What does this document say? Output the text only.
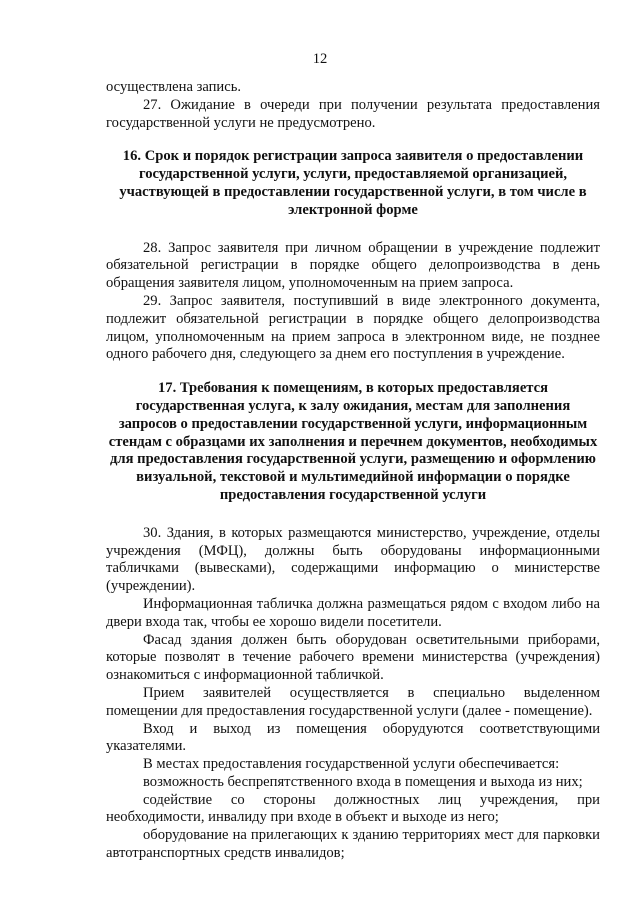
12

осуществлена запись.

27. Ожидание в очереди при получении результата предоставления государственной услуги не предусмотрено.

16. Срок и порядок регистрации запроса заявителя о предоставлении государственной услуги, услуги, предоставляемой организацией, участвующей в предоставлении государственной услуги, в том числе в электронной форме

28. Запрос заявителя при личном обращении в учреждение подлежит обязательной регистрации в порядке общего делопроизводства в день обращения заявителя лицом, уполномоченным на прием запроса.

29. Запрос заявителя, поступивший в виде электронного документа, подлежит обязательной регистрации в порядке общего делопроизводства лицом, уполномоченным на прием запроса в электронном виде, не позднее одного рабочего дня, следующего за днем его поступления в учреждение.

17. Требования к помещениям, в которых предоставляется государственная услуга, к залу ожидания, местам для заполнения запросов о предоставлении государственной услуги, информационным стендам с образцами их заполнения и перечнем документов, необходимых для предоставления государственной услуги, размещению и оформлению визуальной, текстовой и мультимедийной информации о порядке предоставления государственной услуги

30. Здания, в которых размещаются министерство, учреждение, отделы учреждения (МФЦ), должны быть оборудованы информационными табличками (вывесками), содержащими информацию о министерстве (учреждении).

Информационная табличка должна размещаться рядом с входом либо на двери входа так, чтобы ее хорошо видели посетители.

Фасад здания должен быть оборудован осветительными приборами, которые позволят в течение рабочего времени министерства (учреждения) ознакомиться с информационной табличкой.

Прием заявителей осуществляется в специально выделенном помещении для предоставления государственной услуги (далее - помещение).

Вход и выход из помещения оборудуются соответствующими указателями.

В местах предоставления государственной услуги обеспечивается:

возможность беспрепятственного входа в помещения и выхода из них;

содействие со стороны должностных лиц учреждения, при необходимости, инвалиду при входе в объект и выходе из него;

оборудование на прилегающих к зданию территориях мест для парковки автотранспортных средств инвалидов;
